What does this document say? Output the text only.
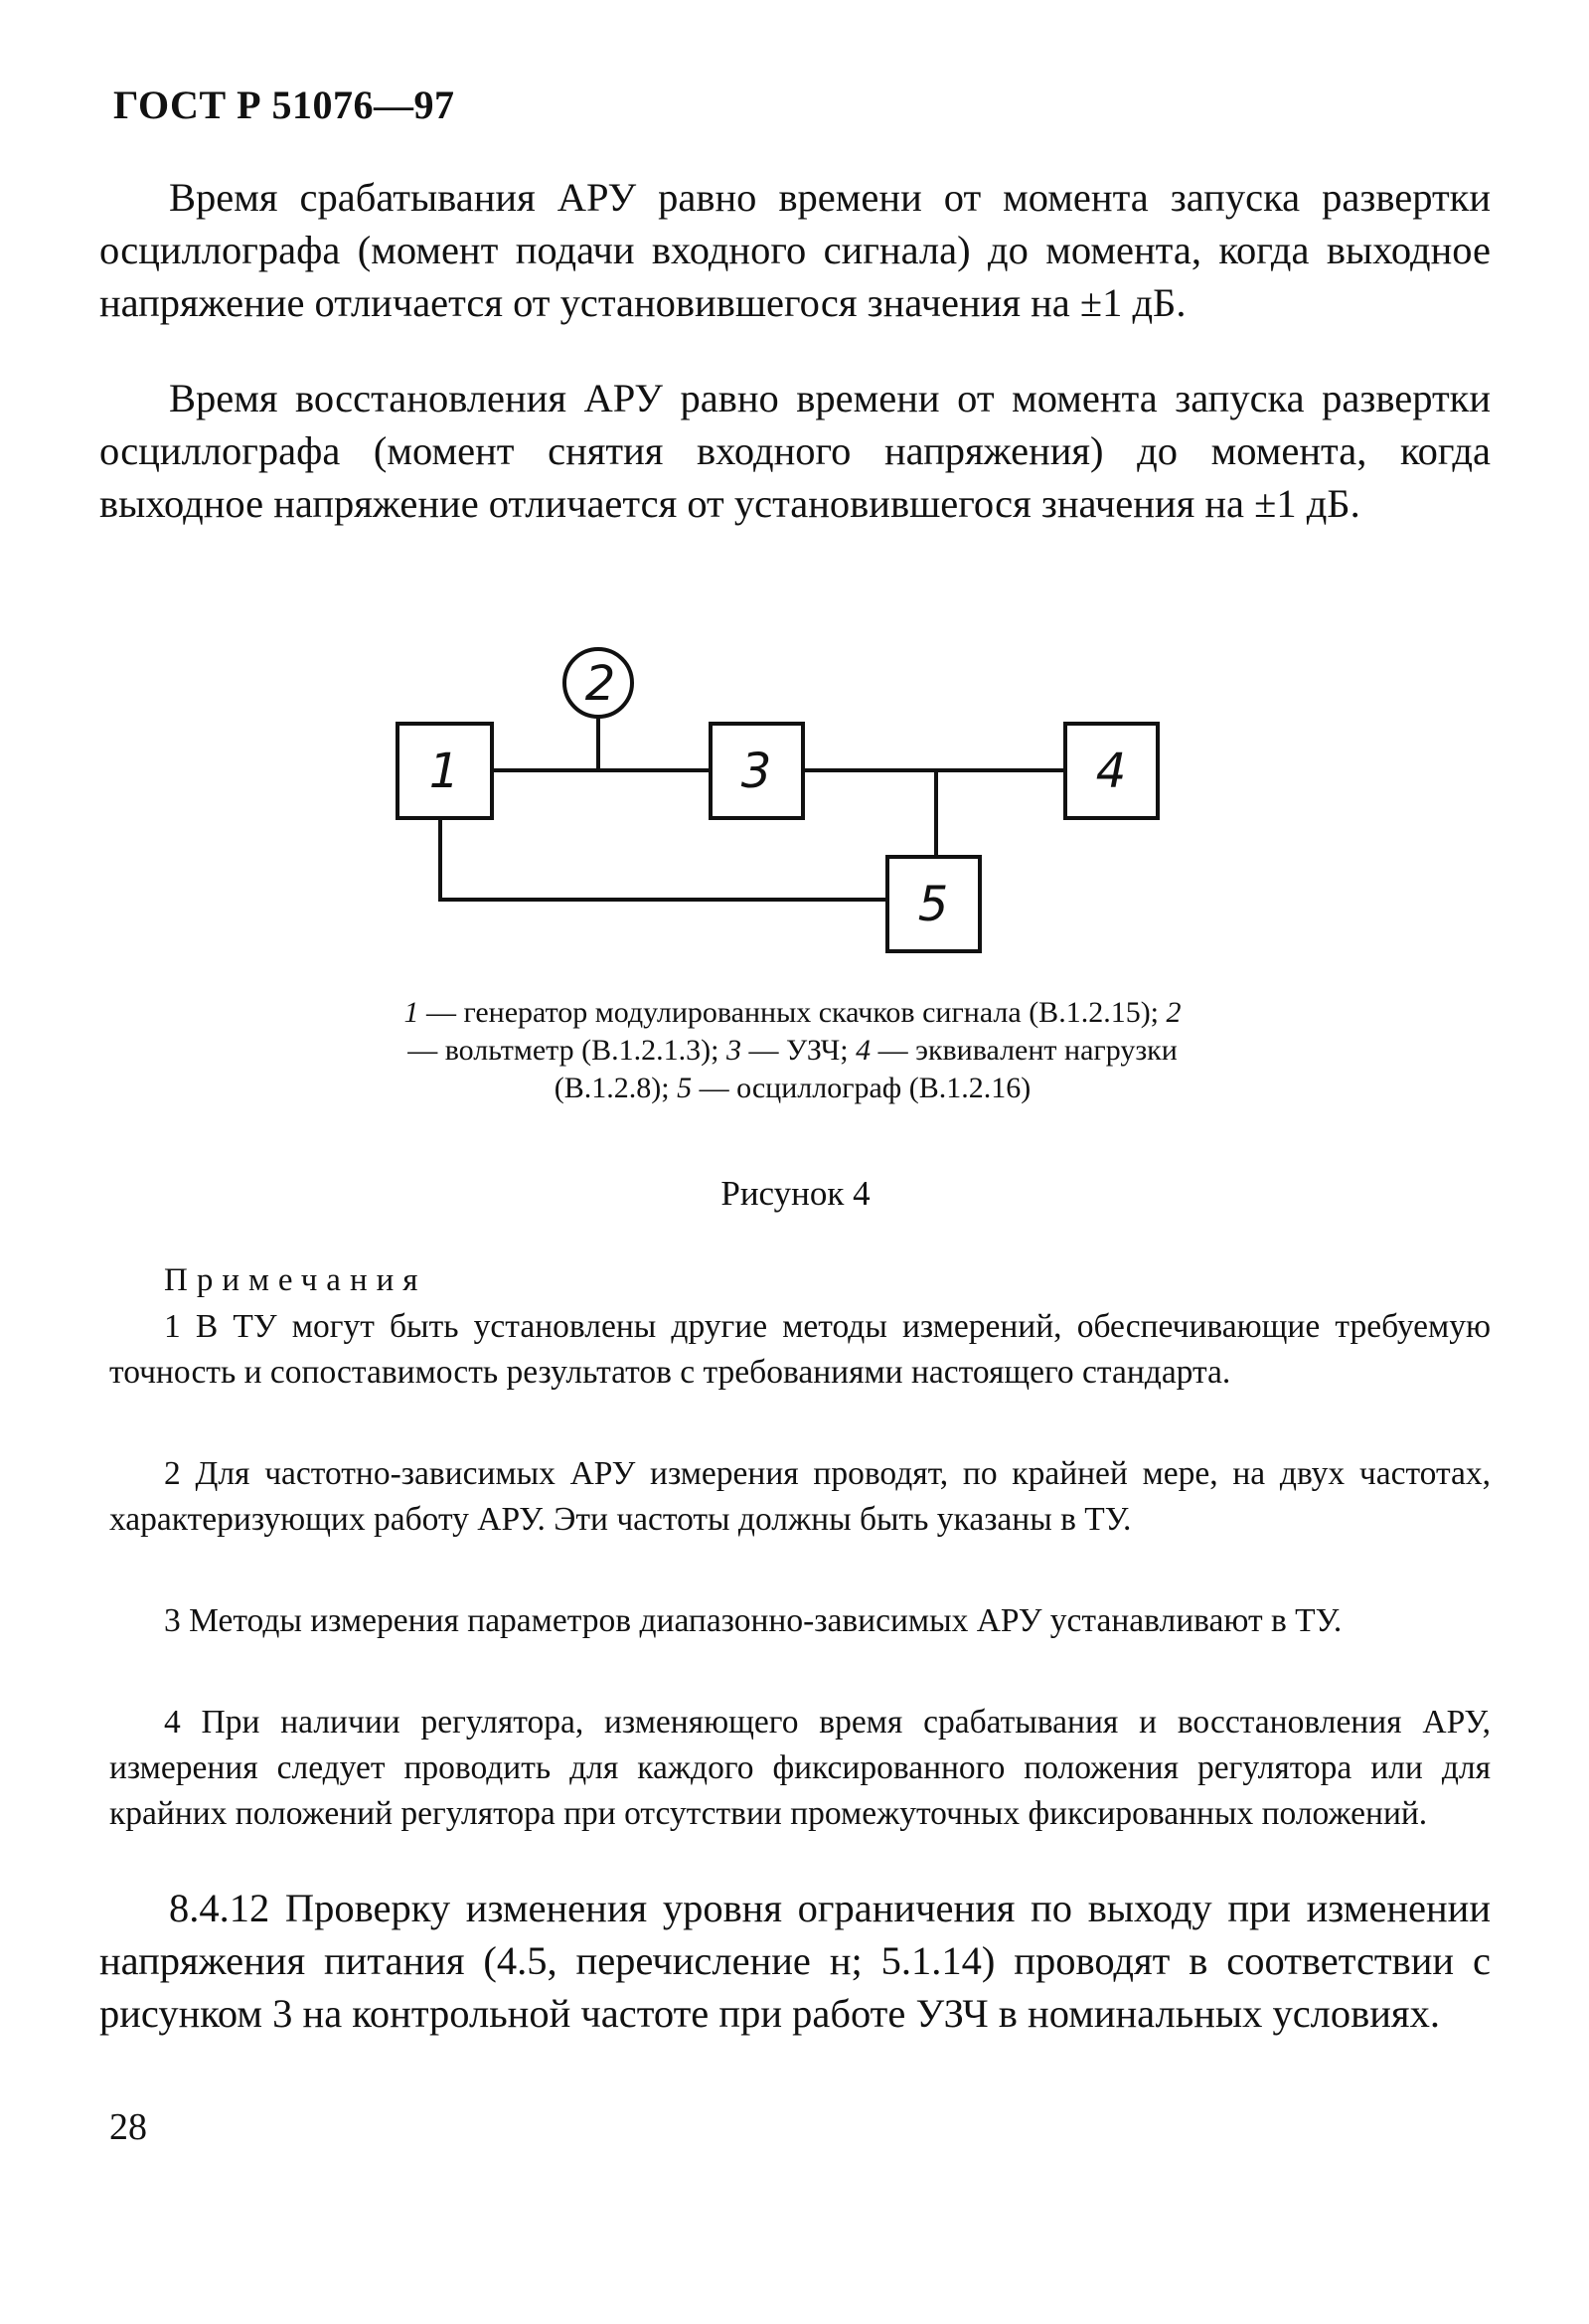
ГОСТ Р 51076—97

Время срабатывания АРУ равно времени от момента запуска развертки осциллографа (момент подачи входного сигнала) до момента, когда выходное напряжение отличается от установившегося значения на ±1 дБ.

Время восстановления АРУ равно времени от момента запуска развертки осциллографа (момент снятия входного напряжения) до момента, когда выходное напряжение отличается от установившегося значения на ±1 дБ.

1
2
3	4
5
1 — генератор модулированных скачков сигнала (В.1.2.15); 2 — вольтметр (В.1.2.1.3); 3 — УЗЧ; 4 — эквивалент нагрузки (В.1.2.8); 5 — осциллограф (В.1.2.16)
Рисунок 4
Примечания

1 В ТУ могут быть установлены другие методы измерений, обеспечивающие требуемую точность и сопоставимость результатов с требованиями настоящего стандарта.

2 Для частотно-зависимых АРУ измерения проводят, по крайней мере, на двух частотах, характеризующих работу АРУ. Эти частоты должны быть указаны в ТУ.

3 Методы измерения параметров диапазонно-зависимых АРУ устанавливают в ТУ.

4 При наличии регулятора, изменяющего время срабатывания и восстановления АРУ, измерения следует проводить для каждого фиксированного положения регулятора или для крайних положений регулятора при отсутствии промежуточных фиксированных положений.

8.4.12 Проверку изменения уровня ограничения по выходу при изменении напряжения питания (4.5, перечисление н; 5.1.14) проводят в соответствии с рисунком 3 на контрольной частоте при работе УЗЧ в номинальных условиях.

28
